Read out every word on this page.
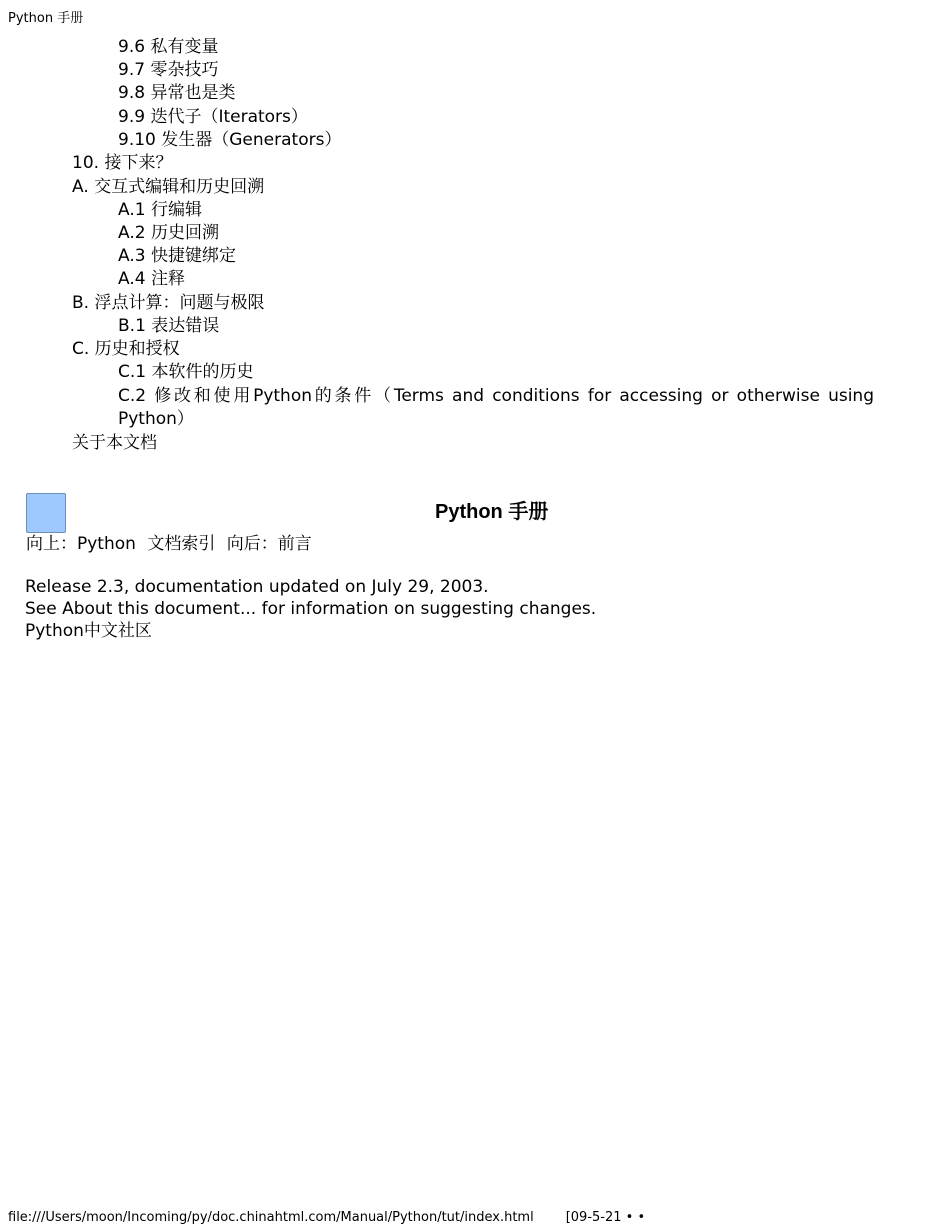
Python 手册
9.6 私有变量
9.7 零杂技巧
9.8 异常也是类
9.9 迭代子（Iterators）
9.10 发生器（Generators）
10. 接下来？
A. 交互式编辑和历史回溯
A.1 行编辑
A.2 历史回溯
A.3 快捷键绑定
A.4 注释
B. 浮点计算：问题与极限
B.1 表达错误
C. 历史和授权
C.1 本软件的历史
C.2 修改和使用Python的条件（Terms and conditions for accessing or otherwise using Python）
关于本文档
Python 手册
向上：Python 文档索引 向后：前言
Release 2.3, documentation updated on July 29, 2003.
See About this document... for information on suggesting changes.
Python中文社区
file:///Users/moon/Incoming/py/doc.chinahtml.com/Manual/Python/tut/index.html [09-5-21 • •
